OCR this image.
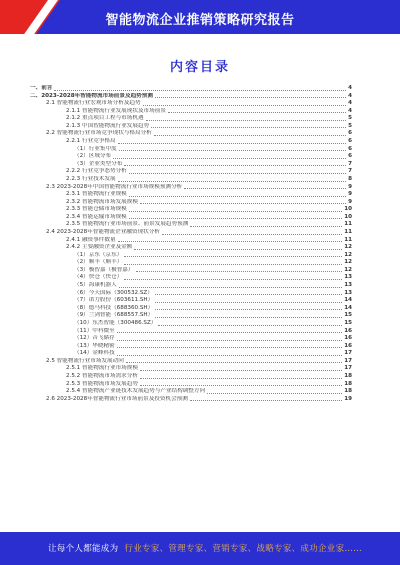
智能物流企业推销策略研究报告
内容目录
一、前言	4
二、2023-2028年智能物流市场前景及趋势预测	4
2.1 智能物流行业宏观市场分析及趋势	4
2.1.1 智能物流行业发展现状及市场前景	4
2.1.2 重点项目工程与市场机遇	5
2.1.3 中国智能物流行业发展趋势	5
2.2 智能物流行业市场竞争现状与格局分析	6
2.2.1 行业竞争格局	6
（1）行业集中度	6
（2）区域分布	6
（3）企业类型分布	7
2.2.2 行业竞争态势分析	7
2.2.3 行业技术发展	8
2.3 2023-2028年中国智能物流行业市场规模预测分析	9
2.3.1 智能物流行业规模	9
2.3.2 智能物流市场发展规模	9
2.3.3 智能仓储市场规模	10
2.3.4 智能运输市场规模	10
2.3.5 智能物流行业市场前景、前景发展趋势预测	11
2.4 2023-2028年智能物流企业融资现状分析	11
2.4.1 融资事件数量	11
2.4.2 主要融资企业及金额	12
（1）京东（京东）	12
（2）顺丰（顺丰）	12
（3）极智嘉（极智嘉）	12
（4）快仓（快仓）	13
（5）海康机器人	13
（6）今天国际（300532.SZ）	13
（7）诺力股份（603611.SH）	14
（8）德马科技（688360.SH）	14
（9）兰剑智能（688557.SH）	15
（10）东杰智能（300486.SZ）	15
（11）中科微至	16
（12）音飞储存	16
（13）华晓精密	16
（14）金峰科技	17
2.5 智能物流行业市场发展动向	17
2.5.1 智能物流行业市场规模	17
2.5.2 智能物流市场需求分析	18
2.5.3 智能物流市场发展趋势	18
2.5.4 智能物流产业链技术发展趋势与产业结构调整方向	18
2.6 2023-2028年智能物流行业市场前景及投资机会预测	19
让每个人都能成为 行业专家、管理专家、营销专家、战略专家、成功企业家……
